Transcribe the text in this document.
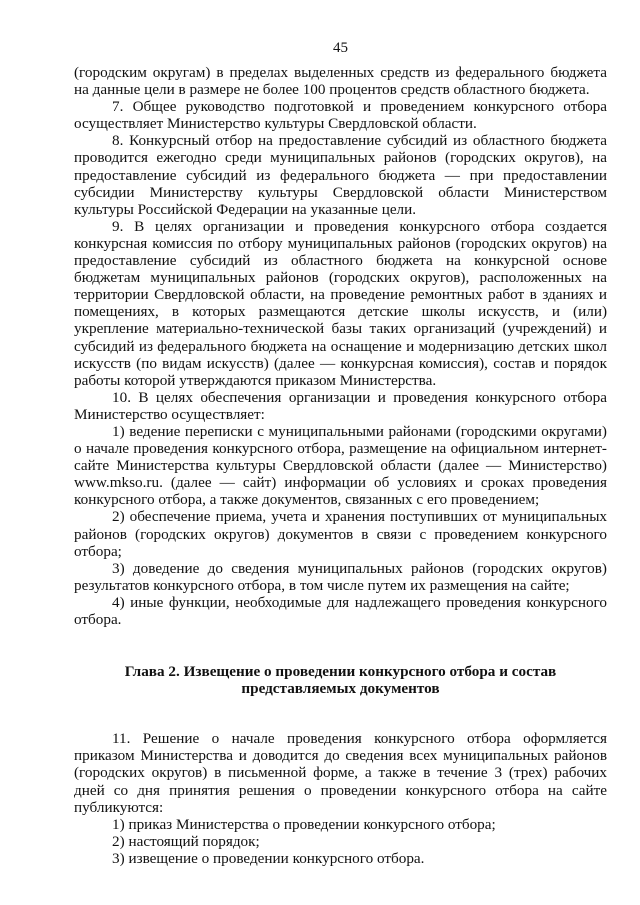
45

(городским округам) в пределах выделенных средств из федерального бюджета на данные цели в размере не более 100 процентов средств областного бюджета.

7. Общее руководство подготовкой и проведением конкурсного отбора осуществляет Министерство культуры Свердловской области.

8. Конкурсный отбор на предоставление субсидий из областного бюджета проводится ежегодно среди муниципальных районов (городских округов), на предоставление субсидий из федерального бюджета — при предоставлении субсидии Министерству культуры Свердловской области Министерством культуры Российской Федерации на указанные цели.

9. В целях организации и проведения конкурсного отбора создается конкурсная комиссия по отбору муниципальных районов (городских округов) на предоставление субсидий из областного бюджета на конкурсной основе бюджетам муниципальных районов (городских округов), расположенных на территории Свердловской области, на проведение ремонтных работ в зданиях и помещениях, в которых размещаются детские школы искусств, и (или) укрепление материально-технической базы таких организаций (учреждений) и субсидий из федерального бюджета на оснащение и модернизацию детских школ искусств (по видам искусств) (далее — конкурсная комиссия), состав и порядок работы которой утверждаются приказом Министерства.

10. В целях обеспечения организации и проведения конкурсного отбора Министерство осуществляет:

1) ведение переписки с муниципальными районами (городскими округами) о начале проведения конкурсного отбора, размещение на официальном интернет-сайте Министерства культуры Свердловской области (далее — Министерство) www.mkso.ru. (далее — сайт) информации об условиях и сроках проведения конкурсного отбора, а также документов, связанных с его проведением;

2) обеспечение приема, учета и хранения поступивших от муниципальных районов (городских округов) документов в связи с проведением конкурсного отбора;

3) доведение до сведения муниципальных районов (городских округов) результатов конкурсного отбора, в том числе путем их размещения на сайте;

4) иные функции, необходимые для надлежащего проведения конкурсного отбора.

Глава 2. Извещение о проведении конкурсного отбора и состав
представляемых документов

11. Решение о начале проведения конкурсного отбора оформляется приказом Министерства и доводится до сведения всех муниципальных районов (городских округов) в письменной форме, а также в течение 3 (трех) рабочих дней со дня принятия решения о проведении конкурсного отбора на сайте публикуются:

1) приказ Министерства о проведении конкурсного отбора;

2) настоящий порядок;

3) извещение о проведении конкурсного отбора.
